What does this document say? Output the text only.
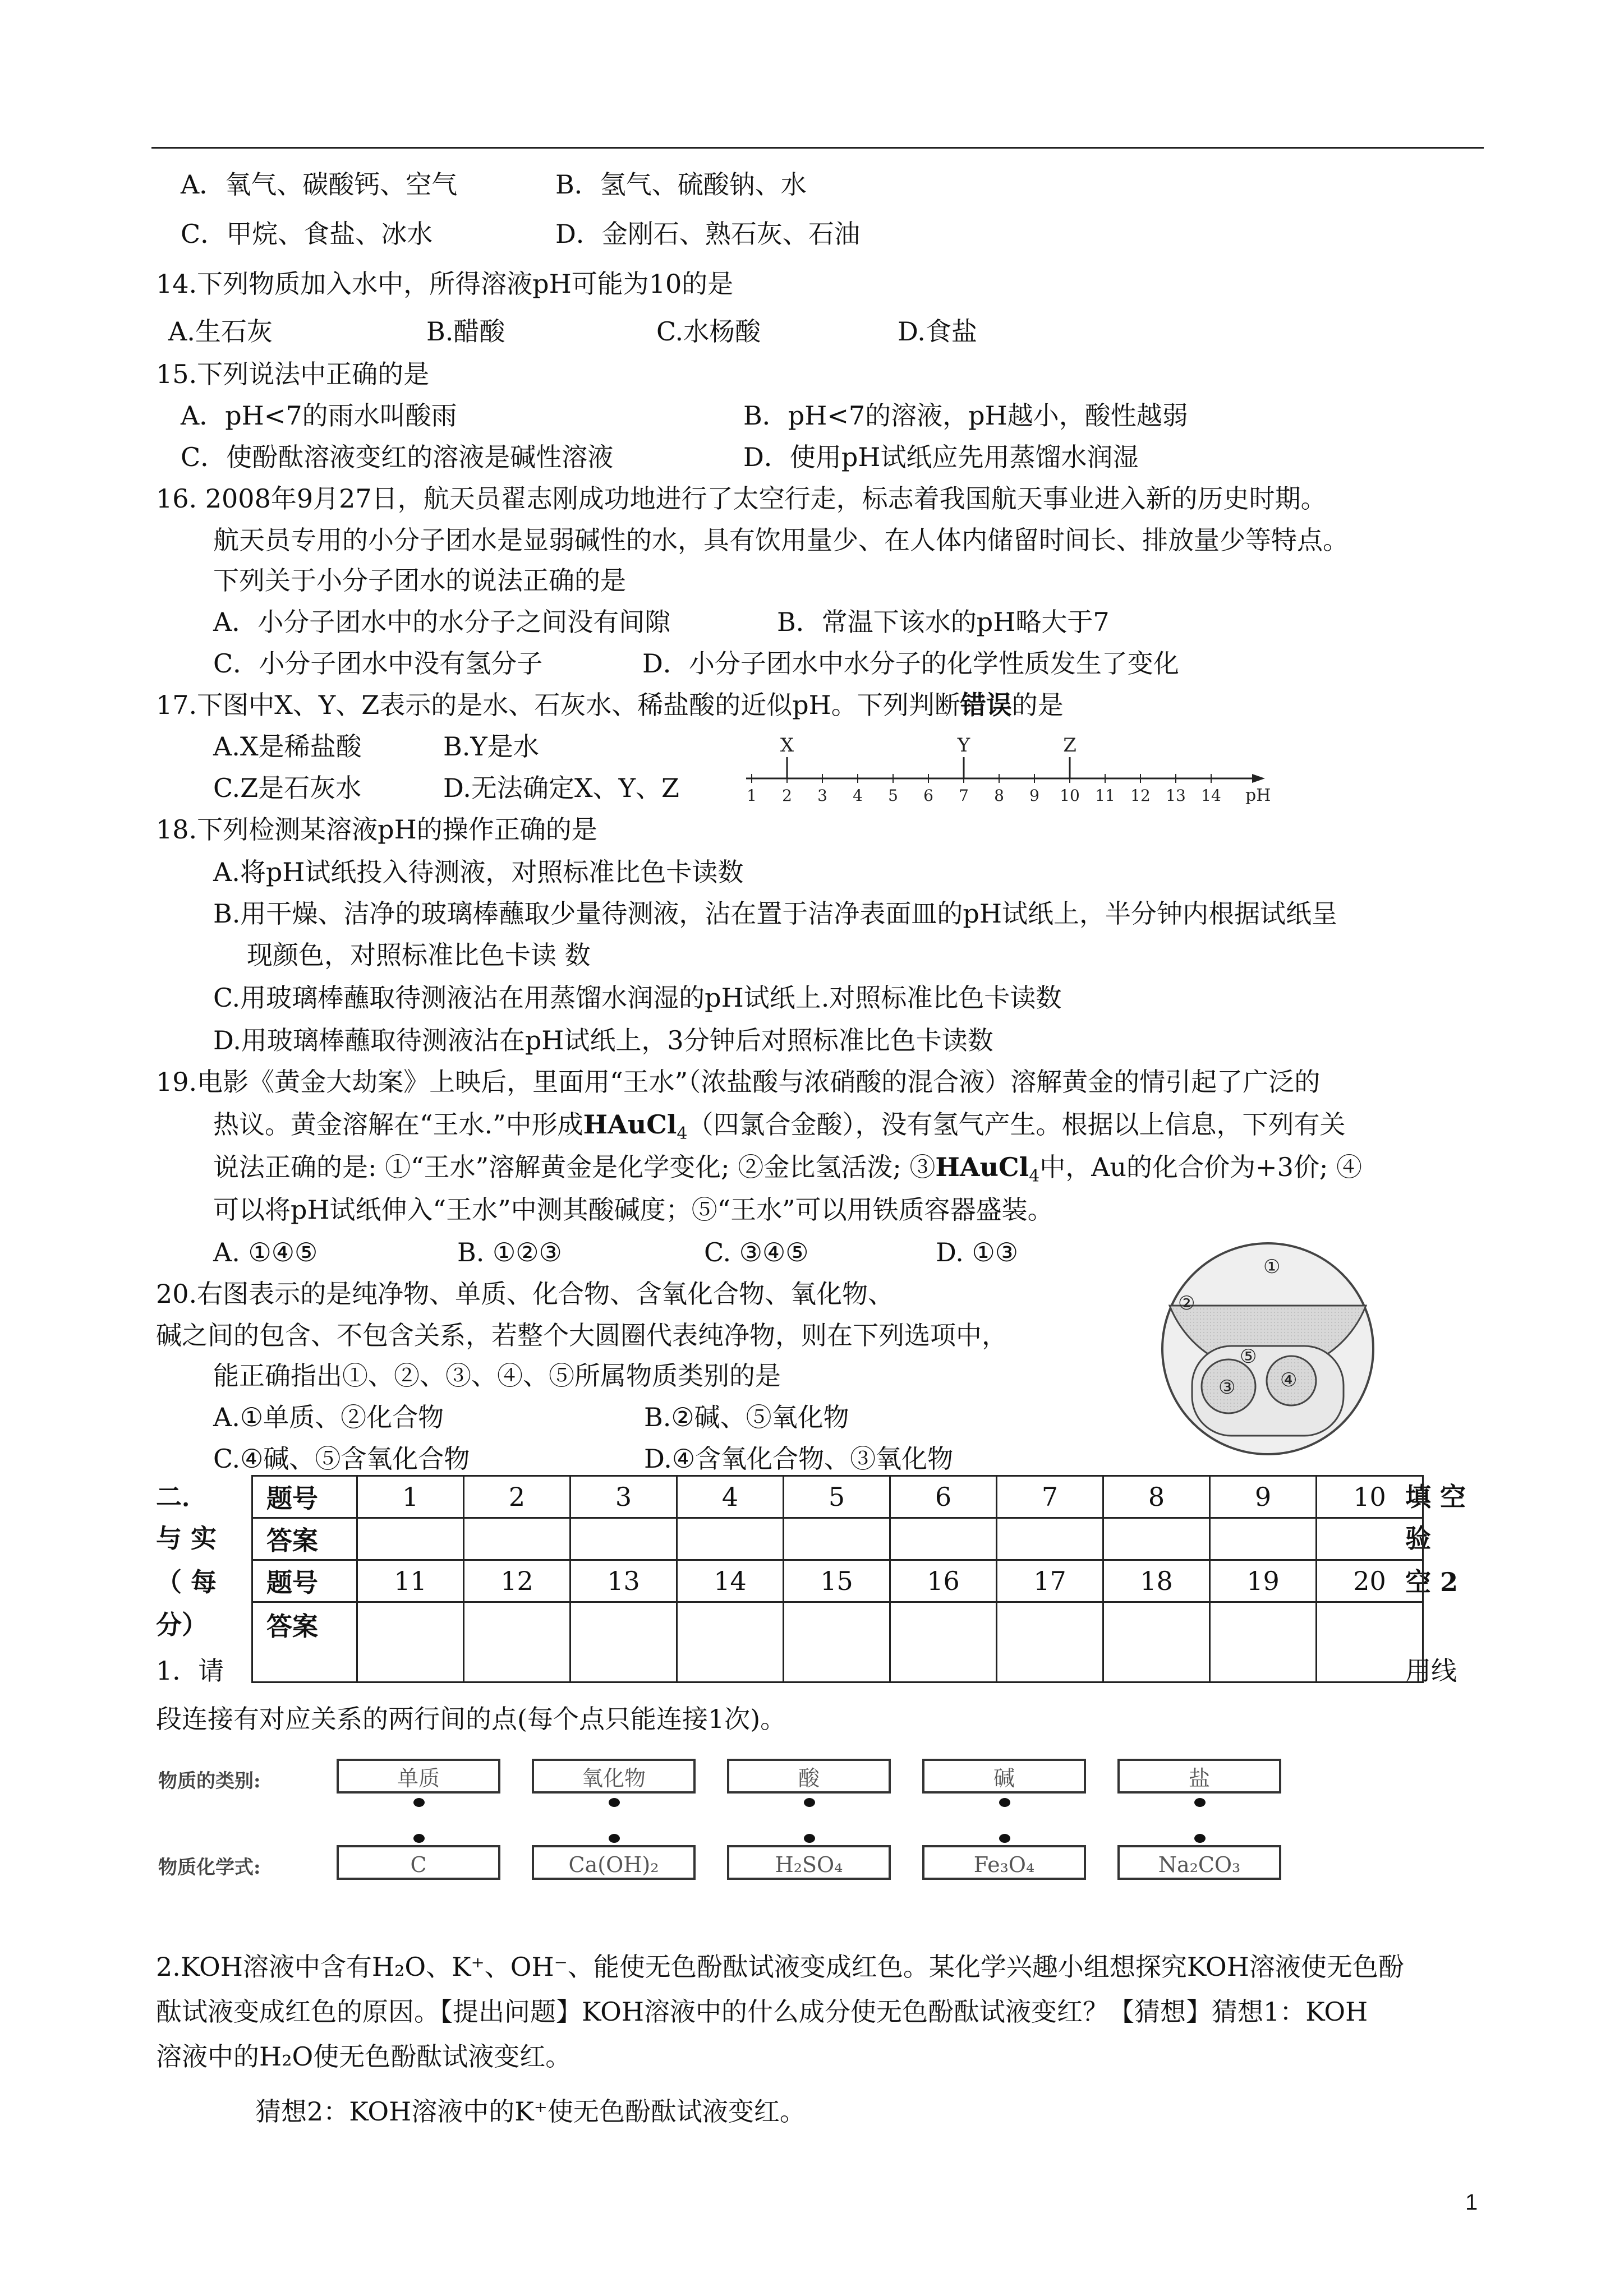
A．氧气、碳酸钙、空气	B．氢气、硫酸钠、水
C．甲烷、食盐、冰水	D．金刚石、熟石灰、石油
14.下列物质加入水中，所得溶液pH可能为10的是
A.生石灰	B.醋酸	C.水杨酸	D.食盐
15.下列说法中正确的是
A．pH<7的雨水叫酸雨	B．pH<7的溶液，pH越小，酸性越弱
C．使酚酞溶液变红的溶液是碱性溶液	D．使用pH试纸应先用蒸馏水润湿
16. 2008年9月27日，航天员翟志刚成功地进行了太空行走，标志着我国航天事业进入新的历史时期。
航天员专用的小分子团水是显弱碱性的水，具有饮用量少、在人体内储留时间长、排放量少等特点。
下列关于小分子团水的说法正确的是
A．小分子团水中的水分子之间没有间隙	B．常温下该水的pH略大于7
C．小分子团水中没有氢分子	D．小分子团水中水分子的化学性质发生了变化
17.下图中X、Y、Z表示的是水、石灰水、稀盐酸的近似pH。下列判断错误的是
A.X是稀盐酸	B.Y是水
C.Z是石灰水	D.无法确定X、Y、Z	1 2 3 4 5 6 7 8 9 10 11 12 13 14
X	Y	Z
pH
18.下列检测某溶液pH的操作正确的是
A.将pH试纸投入待测液，对照标准比色卡读数
B.用干燥、洁净的玻璃棒蘸取少量待测液，沾在置于洁净表面皿的pH试纸上，半分钟内根据试纸呈
现颜色，对照标准比色卡读 数
C.用玻璃棒蘸取待测液沾在用蒸馏水润湿的pH试纸上.对照标准比色卡读数
D.用玻璃棒蘸取待测液沾在pH试纸上，3分钟后对照标准比色卡读数
19.电影《黄金大劫案》上映后，里面用“王水”（浓盐酸与浓硝酸的混合液）溶解黄金的情引起了广泛的
热议。黄金溶解在“王水.”中形成HAuCl$_4$（四氯合金酸），没有氢气产生。根据以上信息，下列有关
说法正确的是: ①“王水”溶解黄金是化学变化; ②金比氢活泼; ③HAuCl$_4$中，Au的化合价为+3价; ④
可以将pH试纸伸入“王水”中测其酸碱度；⑤“王水”可以用铁质容器盛装。
A. ①④⑤	B. ①②③	C. ③④⑤	D. ①③
20.右图表示的是纯净物、单质、化合物、含氧化合物、氧化物、
碱之间的包含、不包含关系，若整个大圆圈代表纯净物，则在下列选项中，
能正确指出①、②、③、④、⑤所属物质类别的是
A.①单质、②化合物	B.②碱、⑤氧化物
C.④碱、⑤含氧化合物	D.④含氧化合物、③氧化物
①
②
③ ④
⑤
二．
与 实
（ 每
分）
1．请
填 空
验
空 2
用线
题号	1	2	3	4	5	6	7	8	9	10
答案										
题号	11	12	13	14	15	16	17	18	19	20
答案										
段连接有对应关系的两行间的点(每个点只能连接1次)。
物质的类别:
物质化学式:
单质	氧化物	酸	碱	盐
C	Ca(OH)₂	H₂SO₄	Fe₃O₄	Na₂CO₃
2.KOH溶液中含有H₂O、K⁺、OH⁻、能使无色酚酞试液变成红色。某化学兴趣小组想探究KOH溶液使无色酚
酞试液变成红色的原因。【提出问题】KOH溶液中的什么成分使无色酚酞试液变红？【猜想】猜想1：KOH
溶液中的H₂O使无色酚酞试液变红。
猜想2：KOH溶液中的K⁺使无色酚酞试液变红。
1
